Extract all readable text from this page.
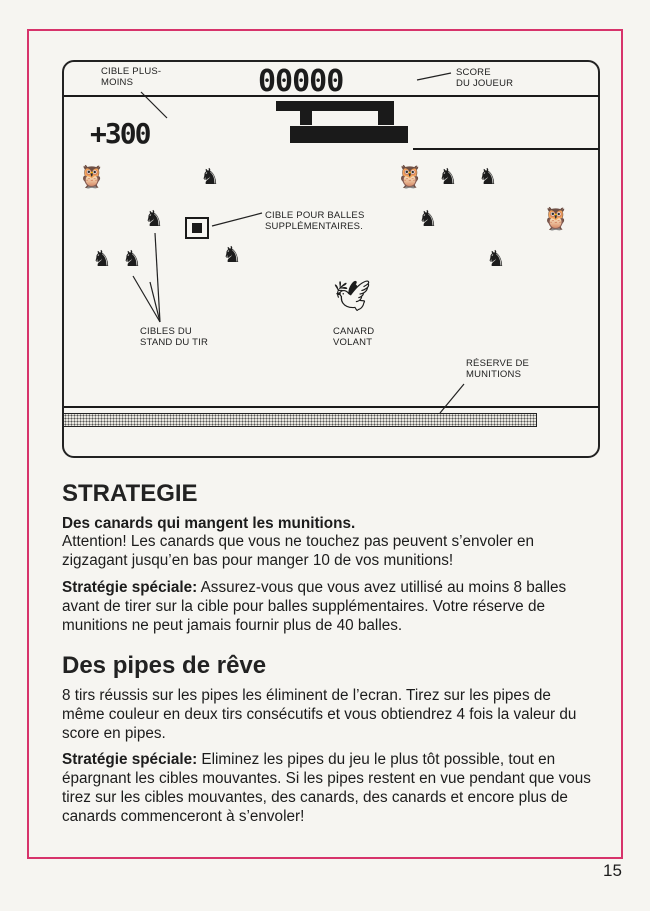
CIBLE PLUS-
MOINS	00000	SCORE
DU JOUEUR
+300
🦉	♞	🦉 ♞ ♞
♞	♞	🦉
♞ ♞	♞	♞
🕊
CIBLE POUR BALLES
SUPPLÉMENTAIRES.
CIBLES DU
STAND DU TIR
CANARD
VOLANT
RÉSERVE DE
MUNITIONS
STRATEGIE

Des canards qui mangent les munitions.

Attention! Les canards que vous ne touchez pas peuvent s’envoler en zigzagant jusqu’en bas pour manger 10 de vos munitions!

Stratégie spéciale: Assurez-vous que vous avez utillisé au moins 8 balles avant de tirer sur la cible pour balles supplémentaires. Votre réserve de munitions ne peut jamais fournir plus de 40 balles.

Des pipes de rêve

8 tirs réussis sur les pipes les éliminent de l’ecran. Tirez sur les pipes de même couleur en deux tirs consécutifs et vous obtiendrez 4 fois la valeur du score en pipes.

Stratégie spéciale: Eliminez les pipes du jeu le plus tôt possible, tout en épargnant les cibles mouvantes. Si les pipes restent en vue pendant que vous tirez sur les cibles mouvantes, des canards, des canards et encore plus de canards commenceront à s’envoler!

15
